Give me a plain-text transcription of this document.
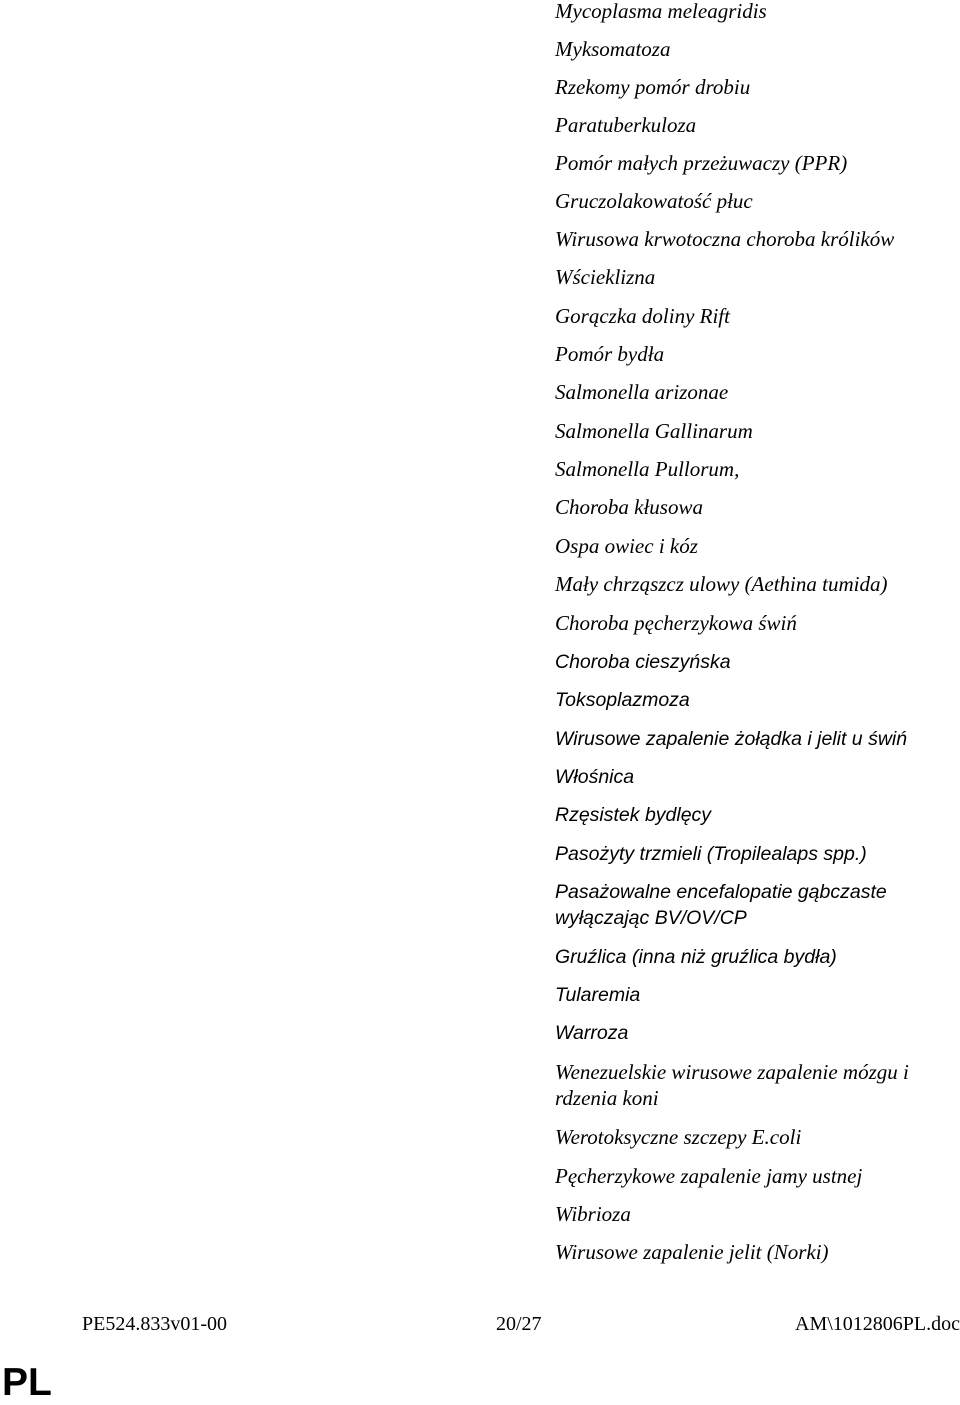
Mycoplasma meleagridis
Myksomatoza
Rzekomy pomór drobiu
Paratuberkuloza
Pomór małych przeżuwaczy (PPR)
Gruczolakowatość płuc
Wirusowa krwotoczna choroba królików
Wścieklizna
Gorączka doliny Rift
Pomór bydła
Salmonella arizonae
Salmonella Gallinarum
Salmonella Pullorum,
Choroba kłusowa
Ospa owiec i kóz
Mały chrząszcz ulowy (Aethina tumida)
Choroba pęcherzykowa świń
Choroba cieszyńska
Toksoplazmoza
Wirusowe zapalenie żołądka i jelit u świń
Włośnica
Rzęsistek bydlęcy
Pasożyty trzmieli (Tropilealaps spp.)
Pasażowalne encefalopatie gąbczaste wyłączając BV/OV/CP
Gruźlica (inna niż gruźlica bydła)
Tularemia
Warroza
Wenezuelskie wirusowe zapalenie mózgu i rdzenia koni
Werotoksyczne szczepy E.coli
Pęcherzykowe zapalenie jamy ustnej
Wibrioza
Wirusowe zapalenie jelit (Norki)
PE524.833v01-00	20/27	AM\1012806PL.doc
PL
